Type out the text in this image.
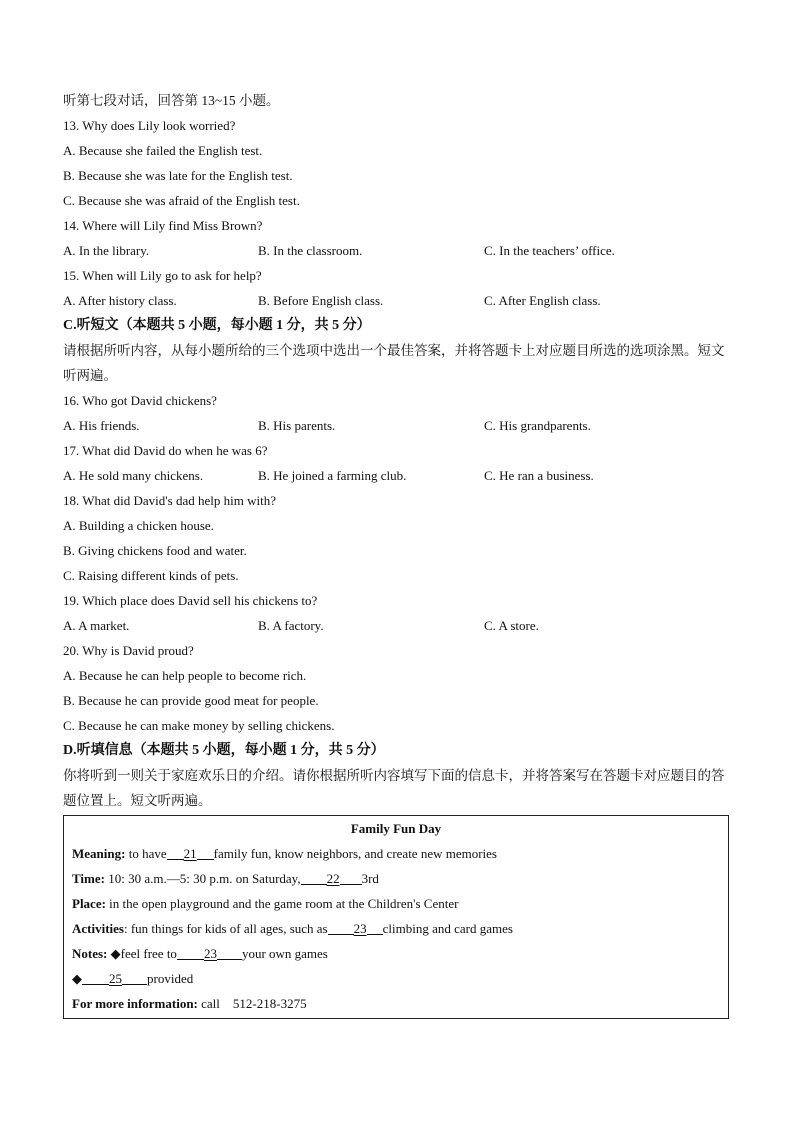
听第七段对话，回答第 13~15 小题。
13. Why does Lily look worried?
A. Because she failed the English test.
B. Because she was late for the English test.
C. Because she was afraid of the English test.
14. Where will Lily find Miss Brown?
A. In the library.	B. In the classroom.	C. In the teachers’ office.
15. When will Lily go to ask for help?
A. After history class.	B. Before English class.	C. After English class.
C.听短文（本题共 5 小题，每小题 1 分，共 5 分）
请根据所听内容，从每小题所给的三个选项中选出一个最佳答案，并将答题卡上对应题目所选的选项涂黑。短文听两遍。
16. Who got David chickens?
A. His friends.	B. His parents.	C. His grandparents.
17. What did David do when he was 6?
A. He sold many chickens.	B. He joined a farming club.	C. He ran a business.
18. What did David's dad help him with?
A. Building a chicken house.
B. Giving chickens food and water.
C. Raising different kinds of pets.
19. Which place does David sell his chickens to?
A. A market.	B. A factory.	C. A store.
20. Why is David proud?
A. Because he can help people to become rich.
B. Because he can provide good meat for people.
C. Because he can make money by selling chickens.
D.听填信息（本题共 5 小题，每小题 1 分，共 5 分）
你将听到一则关于家庭欢乐日的介绍。请你根据所听内容填写下面的信息卡，并将答案写在答题卡对应题目的答题位置上。短文听两遍。
Family Fun Day
Meaning: to have 21 family fun, know neighbors, and create new memories
Time: 10: 30 a.m.—5: 30 p.m. on Saturday, 22 3rd
Place: in the open playground and the game room at the Children's Center
Activities: fun things for kids of all ages, such as 23 climbing and card games
Notes: ◆feel free to 23 your own games
◆ 25 provided
For more information: call    512-218-3275
